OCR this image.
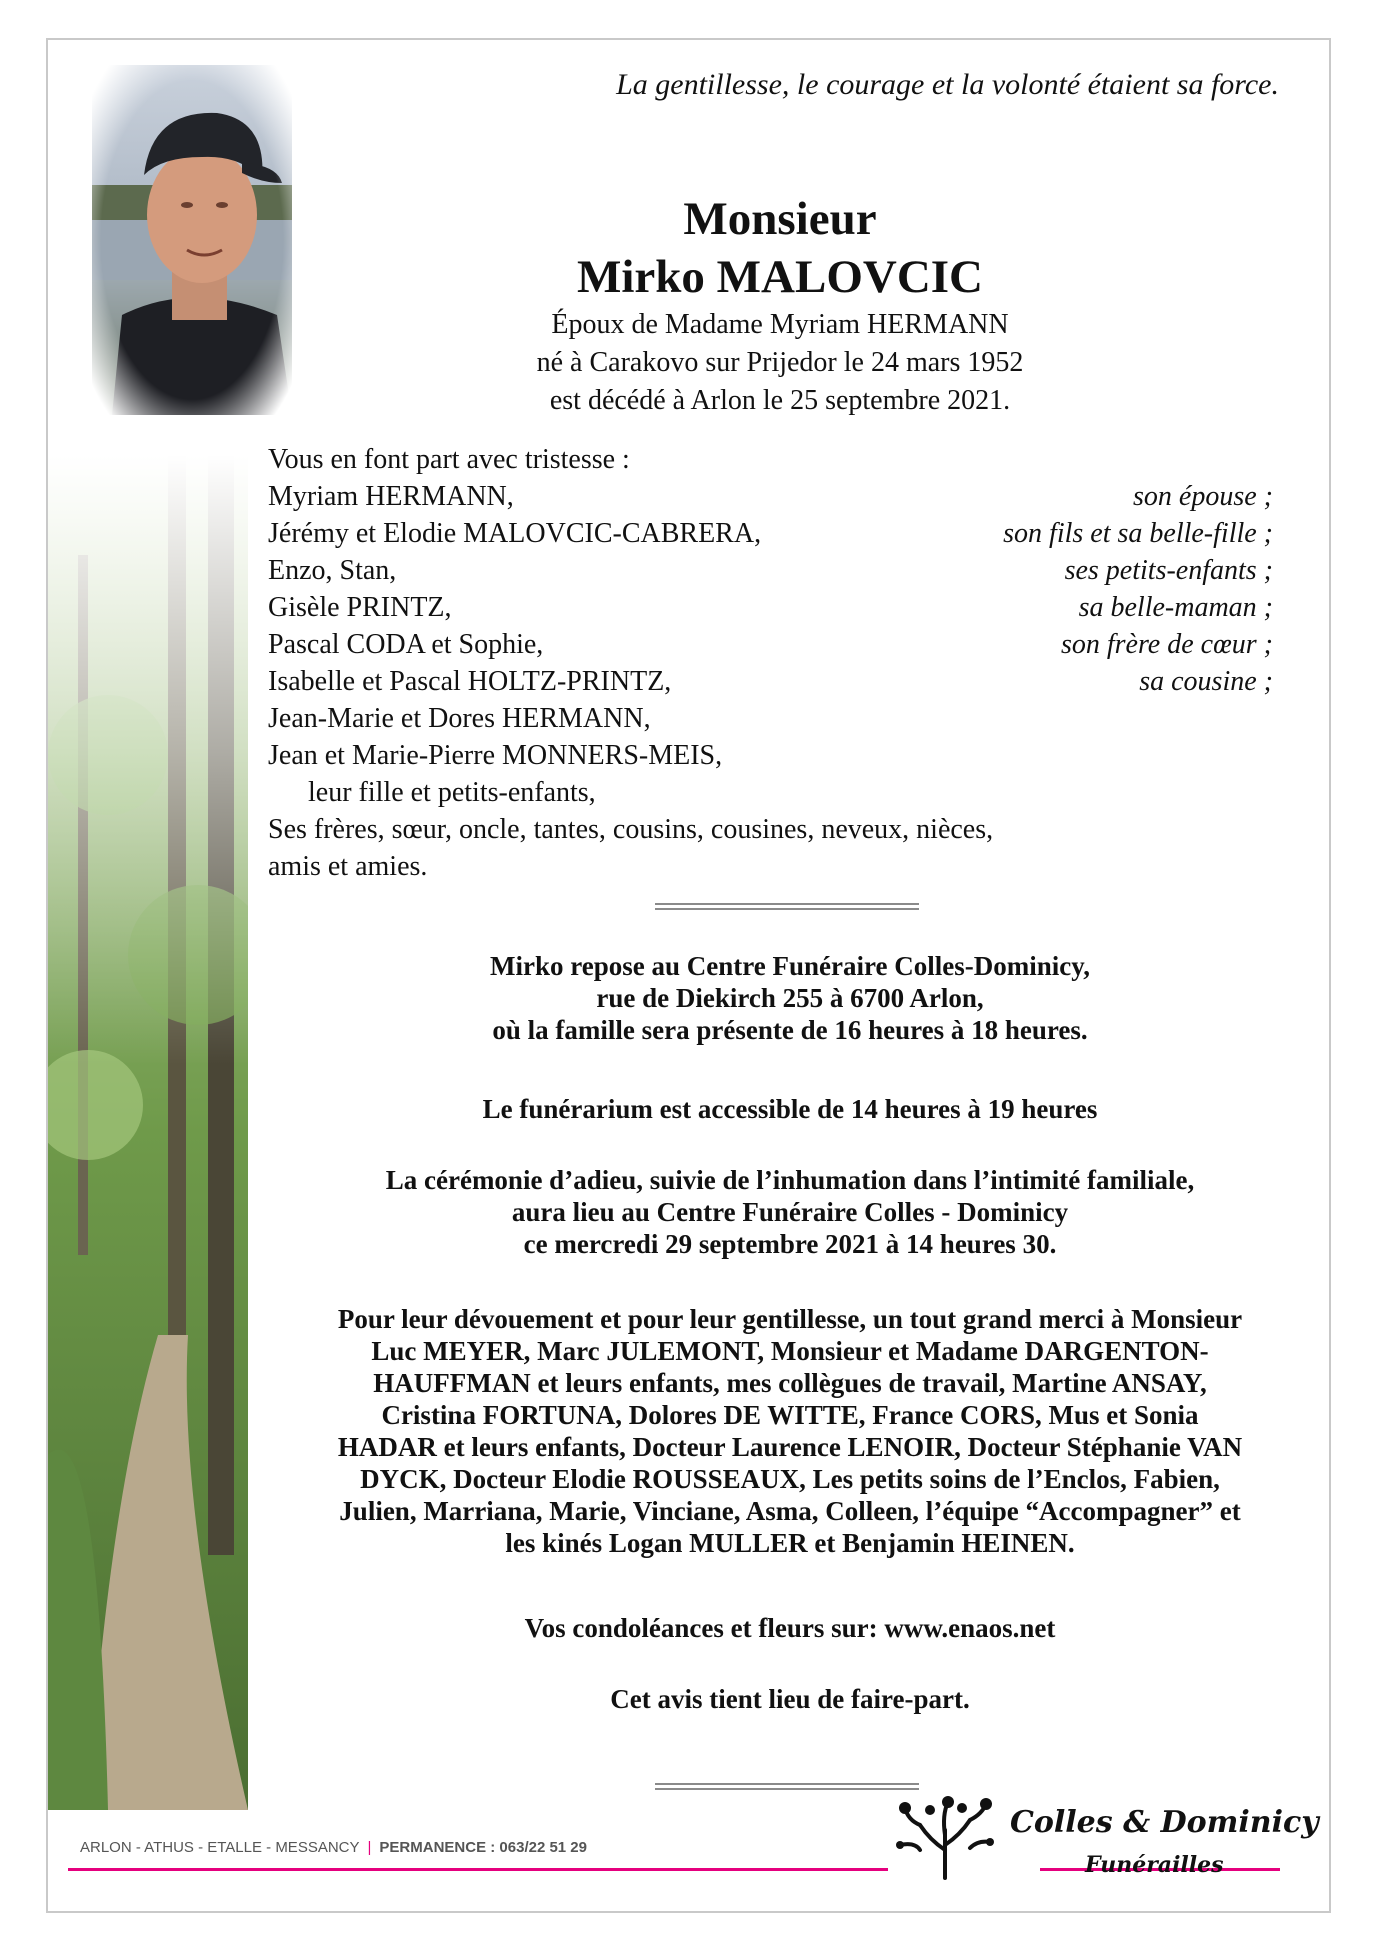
La gentillesse, le courage et la volonté étaient sa force.
Monsieur
Mirko MALOVCIC
Époux de Madame Myriam HERMANN
né à Carakovo sur Prijedor le 24 mars 1952
est décédé à Arlon le 25 septembre 2021.
Vous en font part avec tristesse :
Myriam HERMANN,	son épouse ;
Jérémy et Elodie MALOVCIC-CABRERA,	son fils et sa belle-fille ;
Enzo, Stan,	ses petits-enfants ;
Gisèle PRINTZ,	sa belle-maman ;
Pascal CODA et Sophie,	son frère de cœur ;
Isabelle et Pascal HOLTZ-PRINTZ,	sa cousine ;
Jean-Marie et Dores HERMANN,
Jean et Marie-Pierre MONNERS-MEIS,
leur fille et petits-enfants,
Ses frères, sœur, oncle, tantes, cousins, cousines, neveux, nièces,
amis et amies.
Mirko repose au Centre Funéraire Colles-Dominicy,
rue de Diekirch 255 à 6700 Arlon,
où la famille sera présente de 16 heures à 18 heures.
Le funérarium est accessible de 14 heures à 19 heures
La cérémonie d’adieu, suivie de l’inhumation dans l’intimité familiale,
aura lieu au Centre Funéraire Colles - Dominicy
ce mercredi 29 septembre 2021 à 14 heures 30.
Pour leur dévouement et pour leur gentillesse, un tout grand merci à Monsieur
Luc MEYER, Marc JULEMONT, Monsieur et Madame DARGENTON-
HAUFFMAN et leurs enfants, mes collègues de travail, Martine ANSAY,
Cristina FORTUNA, Dolores DE WITTE, France CORS, Mus et Sonia
HADAR et leurs enfants, Docteur Laurence LENOIR, Docteur Stéphanie VAN
DYCK, Docteur Elodie ROUSSEAUX, Les petits soins de l’Enclos, Fabien,
Julien, Marriana, Marie, Vinciane, Asma, Colleen, l’équipe “Accompagner” et
les kinés Logan MULLER et Benjamin HEINEN.
Vos condoléances et fleurs sur: www.enaos.net
Cet avis tient lieu de faire-part.
ARLON - ATHUS - ETALLE - MESSANCY | PERMANENCE : 063/22 51 29
Colles & Dominicy
Funérailles
